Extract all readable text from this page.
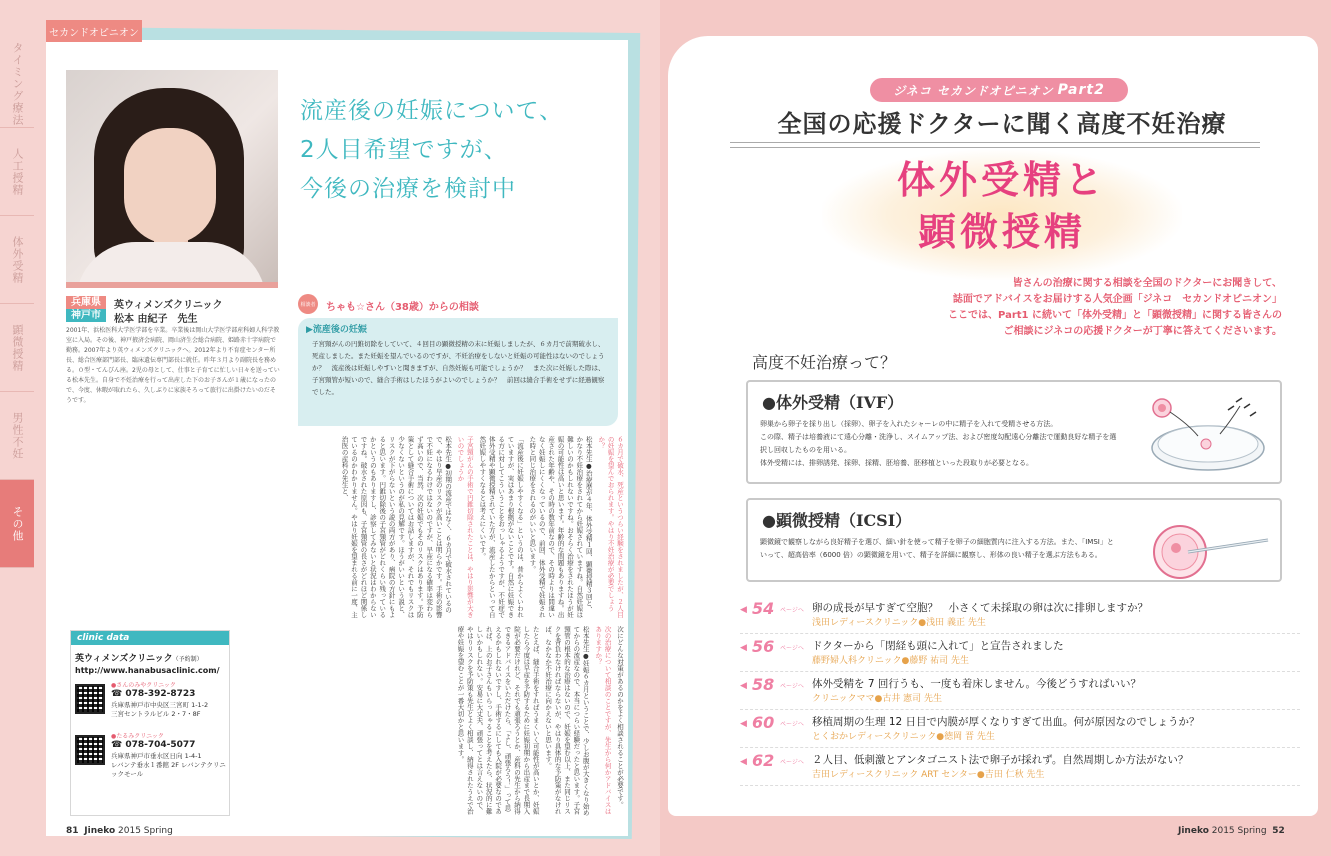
タイミング療法
人工授精
体外受精
顕微授精
男性不妊
その他
セカンドオピニオン
流産後の妊娠について、
2人目希望ですが、
今後の治療を検討中
兵庫県
神戸市
英ウィメンズクリニック
松本 由紀子　先生

2001年、浜松医科大学医学部を卒業。卒業後は岡山大学医学部産科婦人科学教室に入局。その後、神戸掖済会病院、岡山済生会総合病院、姫路赤十字病院で勤務。2007年より英ウィメンズクリニックへ。2012年より不育症センター所長、総合医療部門部長、臨床遺伝専門部長に就任。昨年３月より副院長を務める。０型・てんびん座。2児の母として、仕事と子育てに忙しい日々を送っている松本先生。自身で不妊治療を行って出産した下のお子さんが１歳になったので、今度、休暇が取れたら、久しぶりに家族そろって旅行に出掛けたいのだそうです。

相談者 ちゃも☆さん（38歳）からの相談
▶流産後の妊娠

子宮頸がんの円錐切除をしていて、４回目の顕微授精の末に妊娠しましたが、６カ月で前期破水し、死産しました。また妊娠を望んでいるのですが、不妊治療をしないと妊娠の可能性はないのでしょうか？　流産後は妊娠しやすいと聞きますが、自然妊娠も可能でしょうか？　また次に妊娠した際は、子宮頸管が短いので、縫合手術はしたほうがよいのでしょうか？　前回は縫合手術をせずに経過観察でした。

６カ月で破水、死産というつらい経験をされましたが、２人目の妊娠を望んでおられます。やはり不妊治療が必要でしょうか？

松本先生●治療歴が４年、体外受精１回、顕微授精３回と、かなり不妊治療をされてから妊娠されていますね。自然妊娠は難しいのかもしれないですね。おそらく治療をされたほうが妊娠の可能性は高いと思います。年齢的な問題もありますね。出産された年齢や、その時の数年前なので、その時よりは間違いなく妊娠しにくくなっているので、前回、体外受精で妊娠された時と同じ治療をされるのがいいと思います。

「流産後に妊娠しやすくなる」というのは、昔からよくいわれていますが、実はあまり根拠がないことです。自然に妊娠できる方に対してこういうことをおっしゃるようですが、不妊症で体外受精や顕微授精されていた方が、流産したからといって自然妊娠しやすくなるとは考えにくいです。

子宮頸がんの手術で円錐切除されたことは、やはり影響が大きいのでしょうか

松本先生●初期の流産ではなく、６カ月で破水されているので、やはり早産のリスクが高いことは明らかです。手術の影響で不妊になるわけではないのですが、早産になる確率は変わらず高いので、当然、次の妊娠でもそのリスクはあります。予防策として縫合手術についてはお話しますが、それでもリスクは少なくないというのが私の見解です。ほうがいいという説と、リスクが下がらないという説の両方があり、病院の方針にもよると思います。円錐切除後の子宮頸管がどれくらい残っているかというのもありますし、診察してみないと状況はわからないですね。破水された原因も、子宮頸管の長さがどれほど関係しているのかわかりません。やはり妊娠を望まれる前に一度、主治医の産科の先生と、

次にどんな対策があるのかをよく相談されることが必要です。

次の治療について相談のことですが、先生から何かアドバイスはありますか？

松本先生●妊娠６カ月ということで、少しお腹が大きくなり始めてからの流産なので、本当につらい経験だったと思います。子宮頸管の根本的な治療はないので、妊娠を望む以上、また同じリスクを背負わなければならないが、やはり具体的な予防策がなければ、なかなか不妊治療に向かえないと思います。

たとえば、縫合手術をすればうまくいく可能性が高いとか、妊娠したら今度は早産を予防するために妊娠初期から出産まで長期入院が必要だけれど、それでも頑張ろうとか、産科の先生から納得できるアドバイスをいただけたら、「よし、頑張ろう！」って思えるかもしれないですし、手術するにしても入院が必要なのであれば、上のお子さんもいらっしゃることを考えたら、状況的に難しいかもしれない。安易に大丈夫、頑張ってとは言えないので、やはりリスクを予防策も先生とよく相談し、納得されたうえで治療や妊娠を望むことが一番大切かと思います。

clinic data
英ウィメンズクリニック（予約制）
http://www.hanabusaclinic.com/
●さんのみやクリニック
☎ 078-392-8723
兵庫県神戸市中央区三宮町 1-1-2
三宮セントラルビル 2・7・8F
●たるみクリニック
☎ 078-704-5077
兵庫県神戸市垂水区日向 1-4-1
レバンテ垂水１番館 2F レバンテクリニックモール
81 Jineko 2015 Spring
ジネコ セカンドオピニオン Part2
全国の応援ドクターに聞く高度不妊治療
体外受精と
顕微授精
皆さんの治療に関する相談を全国のドクターにお聞きして、
誌面でアドバイスをお届けする人気企画「ジネコ　セカンドオピニオン」
ここでは、Part1 に続いて「体外受精」と「顕微授精」に関する皆さんの
ご相談にジネコの応援ドクターが丁寧に答えてくださいます。
高度不妊治療って？
●体外受精（IVF）
卵巣から卵子を採り出し（採卵）、卵子を入れたシャーレの中に精子を入れて受精させる方法。
この際、精子は培養液にて遠心分離・洗浄し、スイムアップ法、および密度勾配遠心分離法で運動良好な精子を選択し回収したものを用いる。
体外受精には、排卵誘発、採卵、採精、胚培養、胚移植といった段取りが必要となる。
●顕微授精（ICSI）
顕微鏡で観察しながら良好精子を選び、細い針を使って精子を卵子の細胞質内に注入する方法。また、「IMSI」といって、超高倍率（6000 倍）の顕微鏡を用いて、精子を詳細に観察し、形体の良い精子を選ぶ方法もある。
◀ 54 ページへ 卵の成長が早すぎて空胞？　小さくて未採取の卵は次に排卵しますか？
浅田レディースクリニック●浅田 義正 先生
◀ 56 ページへ ドクターから「閉経も頭に入れて」と宣告されました
藤野婦人科クリニック●藤野 祐司 先生
◀ 58 ページへ 体外受精を 7 回行うも、一度も着床しません。今後どうすればいい？
クリニックママ●古井 憲司 先生
◀ 60 ページへ 移植周期の生理 12 日目で内膜が厚くなりすぎて出血。何が原因なのでしょうか？
とくおかレディースクリニック●徳岡 晋 先生
◀ 62 ページへ ２人目、低刺激とアンタゴニスト法で卵子が採れず。自然周期しか方法がない？
吉田レディースクリニック ART センター●吉田 仁秋 先生
Jineko 2015 Spring 52
